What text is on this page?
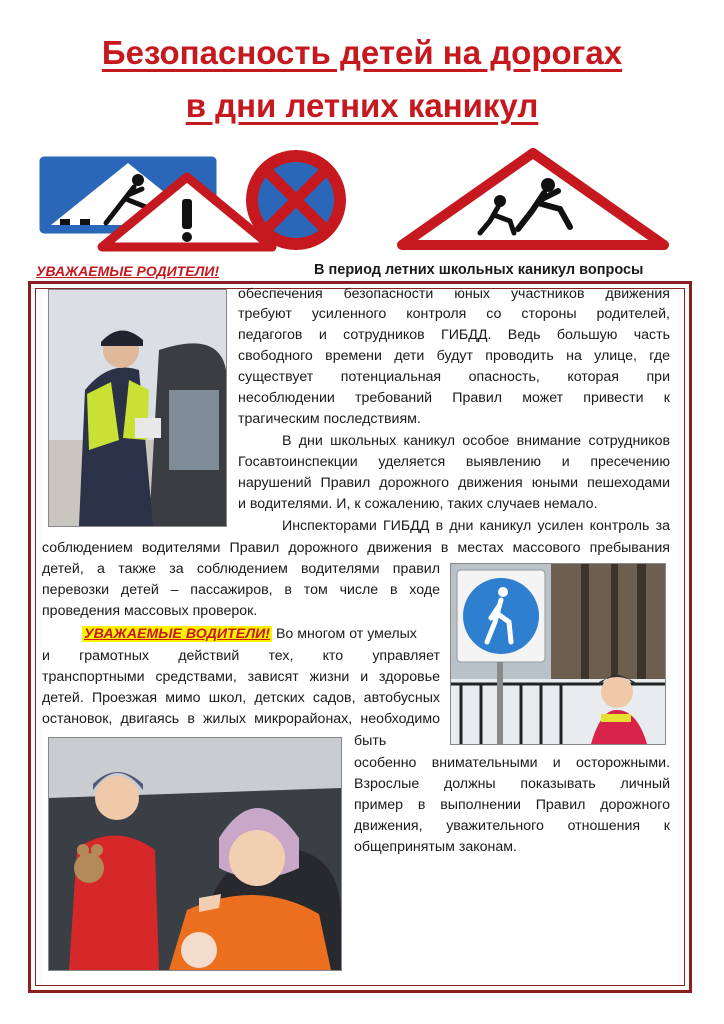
Безопасность детей на дорогах
в дни летних каникул
УВАЖАЕМЫЕ РОДИТЕЛИ!	В период летних школьных каникул вопросы
обеспечения безопасности юных участников движения
требуют усиленного контроля со стороны родителей,
педагогов и сотрудников ГИБДД. Ведь большую часть
свободного времени дети будут проводить на улице, где
существует потенциальная опасность, которая при
несоблюдении требований Правил может привести к
трагическим последствиям.
В дни школьных каникул особое внимание сотрудников
Госавтоинспекции уделяется выявлению и пресечению
нарушений Правил дорожного движения юными пешеходами
и водителями. И, к сожалению, таких случаев немало.
Инспекторами ГИБДД в дни каникул усилен контроль за
соблюдением водителями Правил дорожного движения в местах массового пребывания
детей, а также за соблюдением водителями правил
перевозки детей – пассажиров, в том числе в ходе
проведения массовых проверок.
УВАЖАЕМЫЕ ВОДИТЕЛИ! Во многом от умелых
и грамотных действий тех, кто управляет
транспортными средствами, зависят жизни и здоровье
детей. Проезжая мимо школ, детских садов, автобусных
остановок, двигаясь в жилых микрорайонах, необходимо
быть
особенно внимательными и осторожными.
Взрослые должны показывать личный
пример в выполнении Правил дорожного
движения, уважительного отношения к
общепринятым законам.
